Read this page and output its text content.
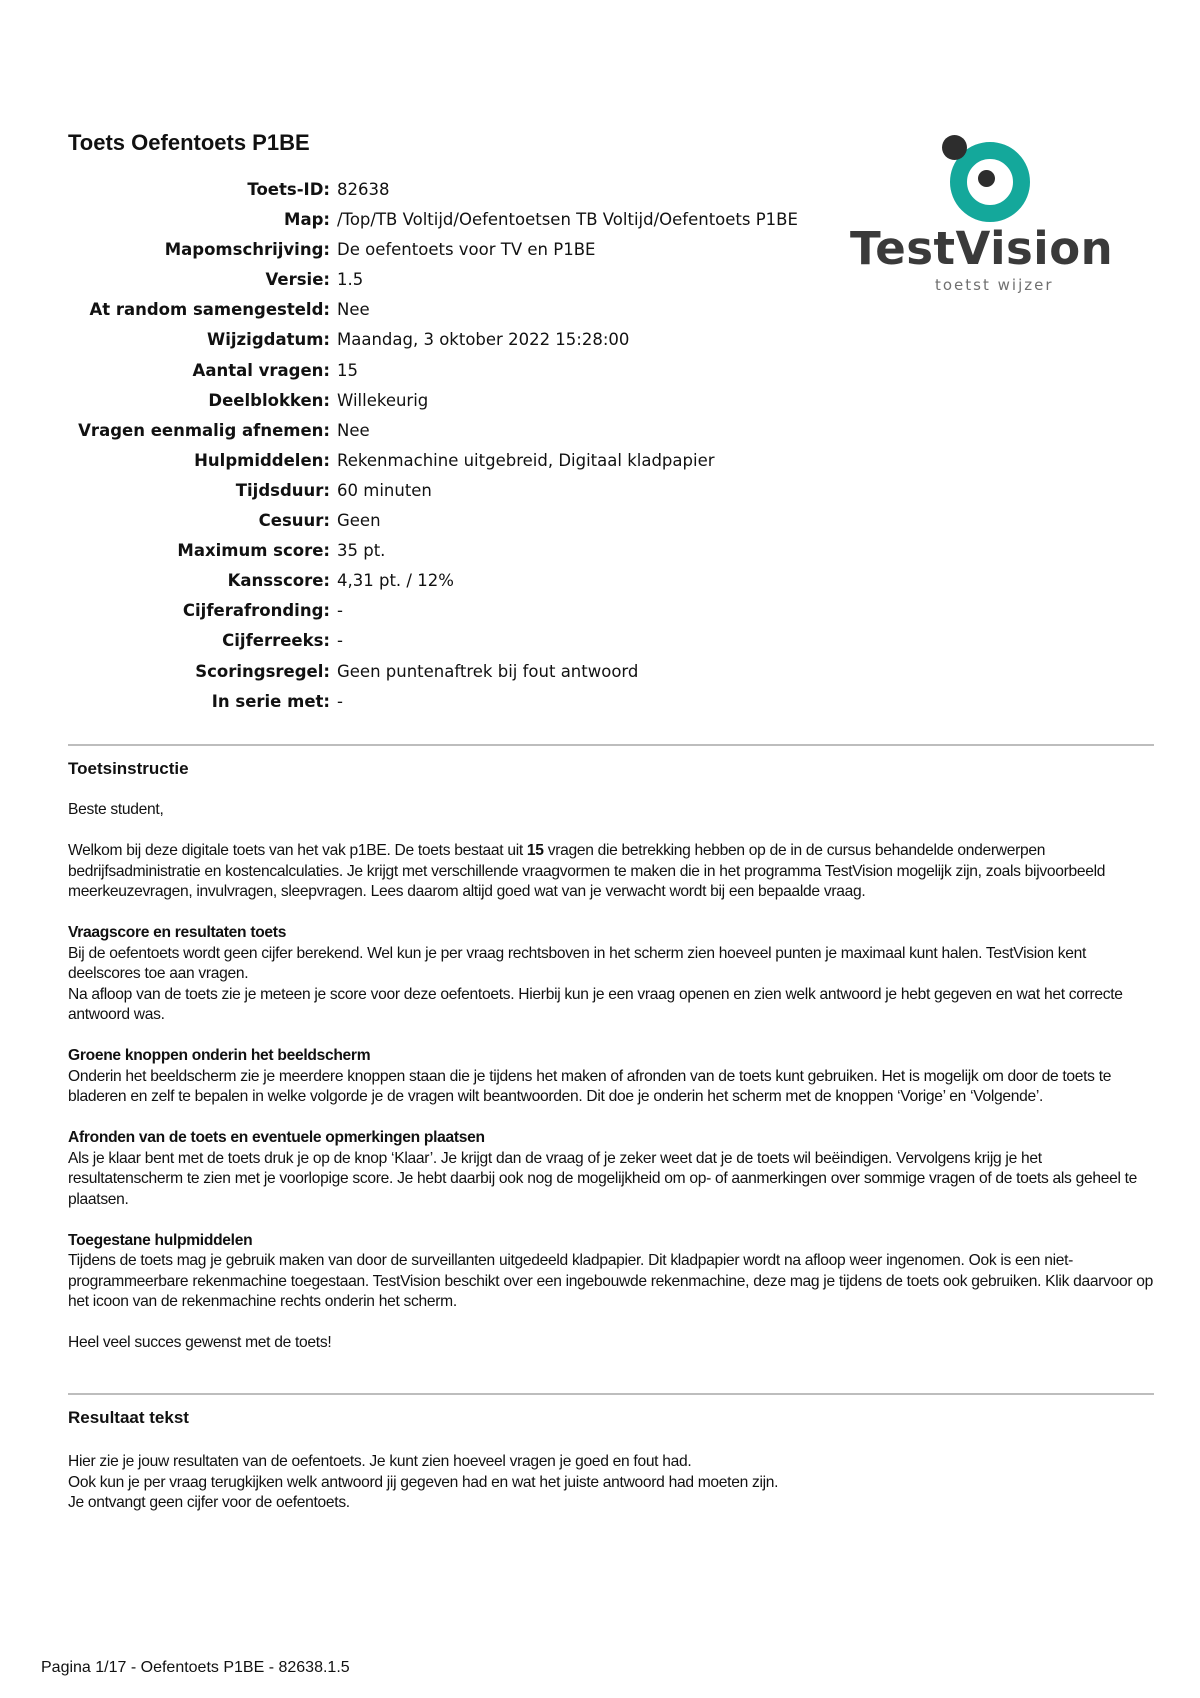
Toets Oefentoets P1BE
Toets-ID: 82638
Map: /Top/TB Voltijd/Oefentoetsen TB Voltijd/Oefentoets P1BE
Mapomschrijving: De oefentoets voor TV en P1BE
Versie: 1.5
At random samengesteld: Nee
Wijzigdatum: Maandag, 3 oktober 2022 15:28:00
Aantal vragen: 15
Deelblokken: Willekeurig
Vragen eenmalig afnemen: Nee
Hulpmiddelen: Rekenmachine uitgebreid, Digitaal kladpapier
Tijdsduur: 60 minuten
Cesuur: Geen
Maximum score: 35 pt.
Kansscore: 4,31 pt. / 12%
Cijferafronding: -
Cijferreeks: -
Scoringsregel: Geen puntenaftrek bij fout antwoord
In serie met: -
TestVision
toetst wijzer
Toetsinstructie

Beste student,

Welkom bij deze digitale toets van het vak p1BE. De toets bestaat uit 15 vragen die betrekking hebben op de in de cursus behandelde onderwerpen bedrijfsadministratie en kostencalculaties. Je krijgt met verschillende vraagvormen te maken die in het programma TestVision mogelijk zijn, zoals bijvoorbeeld meerkeuzevragen, invulvragen, sleepvragen. Lees daarom altijd goed wat van je verwacht wordt bij een bepaalde vraag.

Vraagscore en resultaten toets
Bij de oefentoets wordt geen cijfer berekend. Wel kun je per vraag rechtsboven in het scherm zien hoeveel punten je maximaal kunt halen. TestVision kent deelscores toe aan vragen.
Na afloop van de toets zie je meteen je score voor deze oefentoets. Hierbij kun je een vraag openen en zien welk antwoord je hebt gegeven en wat het correcte antwoord was.

Groene knoppen onderin het beeldscherm
Onderin het beeldscherm zie je meerdere knoppen staan die je tijdens het maken of afronden van de toets kunt gebruiken. Het is mogelijk om door de toets te bladeren en zelf te bepalen in welke volgorde je de vragen wilt beantwoorden. Dit doe je onderin het scherm met de knoppen ‘Vorige’ en ‘Volgende’.

Afronden van de toets en eventuele opmerkingen plaatsen
Als je klaar bent met de toets druk je op de knop ‘Klaar’. Je krijgt dan de vraag of je zeker weet dat je de toets wil beëindigen. Vervolgens krijg je het resultatenscherm te zien met je voorlopige score. Je hebt daarbij ook nog de mogelijkheid om op- of aanmerkingen over sommige vragen of de toets als geheel te plaatsen.

Toegestane hulpmiddelen
Tijdens de toets mag je gebruik maken van door de surveillanten uitgedeeld kladpapier. Dit kladpapier wordt na afloop weer ingenomen. Ook is een niet-programmeerbare rekenmachine toegestaan. TestVision beschikt over een ingebouwde rekenmachine, deze mag je tijdens de toets ook gebruiken. Klik daarvoor op het icoon van de rekenmachine rechts onderin het scherm.

Heel veel succes gewenst met de toets!

Resultaat tekst
Hier zie je jouw resultaten van de oefentoets. Je kunt zien hoeveel vragen je goed en fout had.
Ook kun je per vraag terugkijken welk antwoord jij gegeven had en wat het juiste antwoord had moeten zijn.
Je ontvangt geen cijfer voor de oefentoets.
Pagina 1/17 - Oefentoets P1BE - 82638.1.5
